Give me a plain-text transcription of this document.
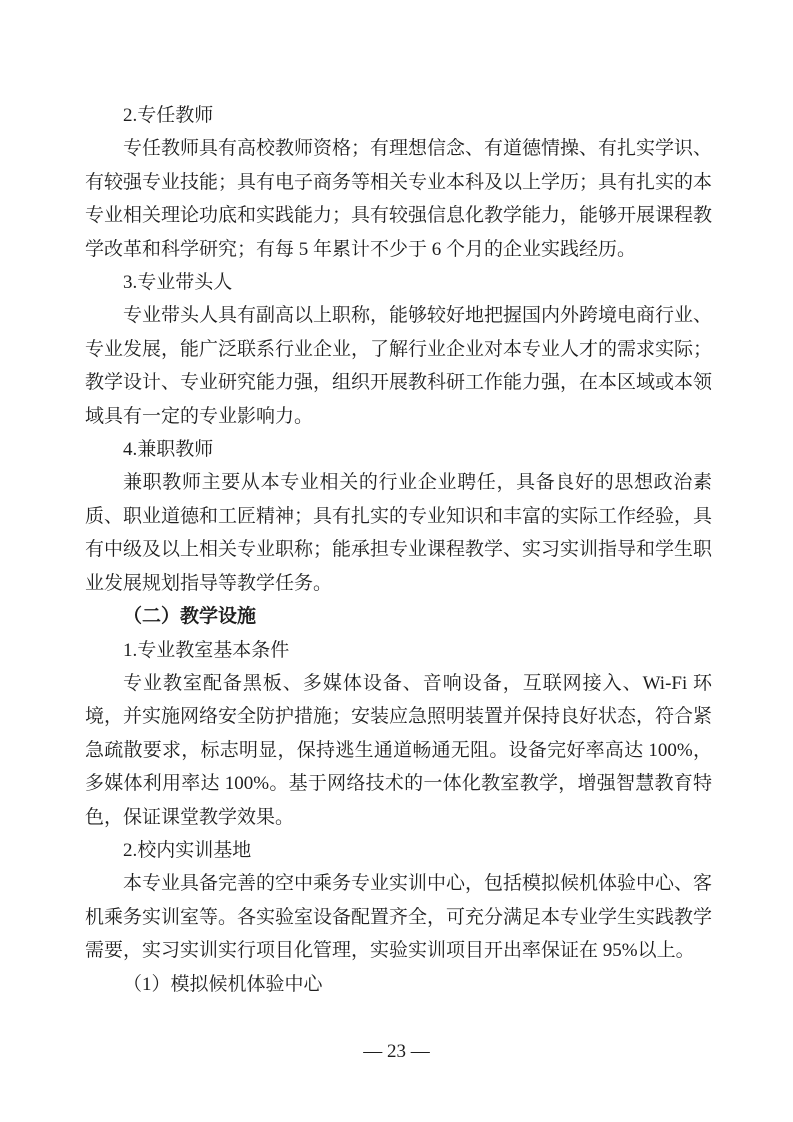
2.专任教师

专任教师具有高校教师资格；有理想信念、有道德情操、有扎实学识、有较强专业技能；具有电子商务等相关专业本科及以上学历；具有扎实的本专业相关理论功底和实践能力；具有较强信息化教学能力，能够开展课程教学改革和科学研究；有每 5 年累计不少于 6 个月的企业实践经历。

3.专业带头人

专业带头人具有副高以上职称，能够较好地把握国内外跨境电商行业、专业发展，能广泛联系行业企业，了解行业企业对本专业人才的需求实际；教学设计、专业研究能力强，组织开展教科研工作能力强，在本区域或本领域具有一定的专业影响力。

4.兼职教师

兼职教师主要从本专业相关的行业企业聘任，具备良好的思想政治素质、职业道德和工匠精神；具有扎实的专业知识和丰富的实际工作经验，具有中级及以上相关专业职称；能承担专业课程教学、实习实训指导和学生职业发展规划指导等教学任务。

（二）教学设施

1.专业教室基本条件

专业教室配备黑板、多媒体设备、音响设备，互联网接入、Wi-Fi 环境，并实施网络安全防护措施；安装应急照明装置并保持良好状态，符合紧急疏散要求，标志明显，保持逃生通道畅通无阻。设备完好率高达 100%，多媒体利用率达 100%。基于网络技术的一体化教室教学，增强智慧教育特色，保证课堂教学效果。

2.校内实训基地

本专业具备完善的空中乘务专业实训中心，包括模拟候机体验中心、客机乘务实训室等。各实验室设备配置齐全，可充分满足本专业学生实践教学需要，实习实训实行项目化管理，实验实训项目开出率保证在 95%以上。

（1）模拟候机体验中心

— 23 —
